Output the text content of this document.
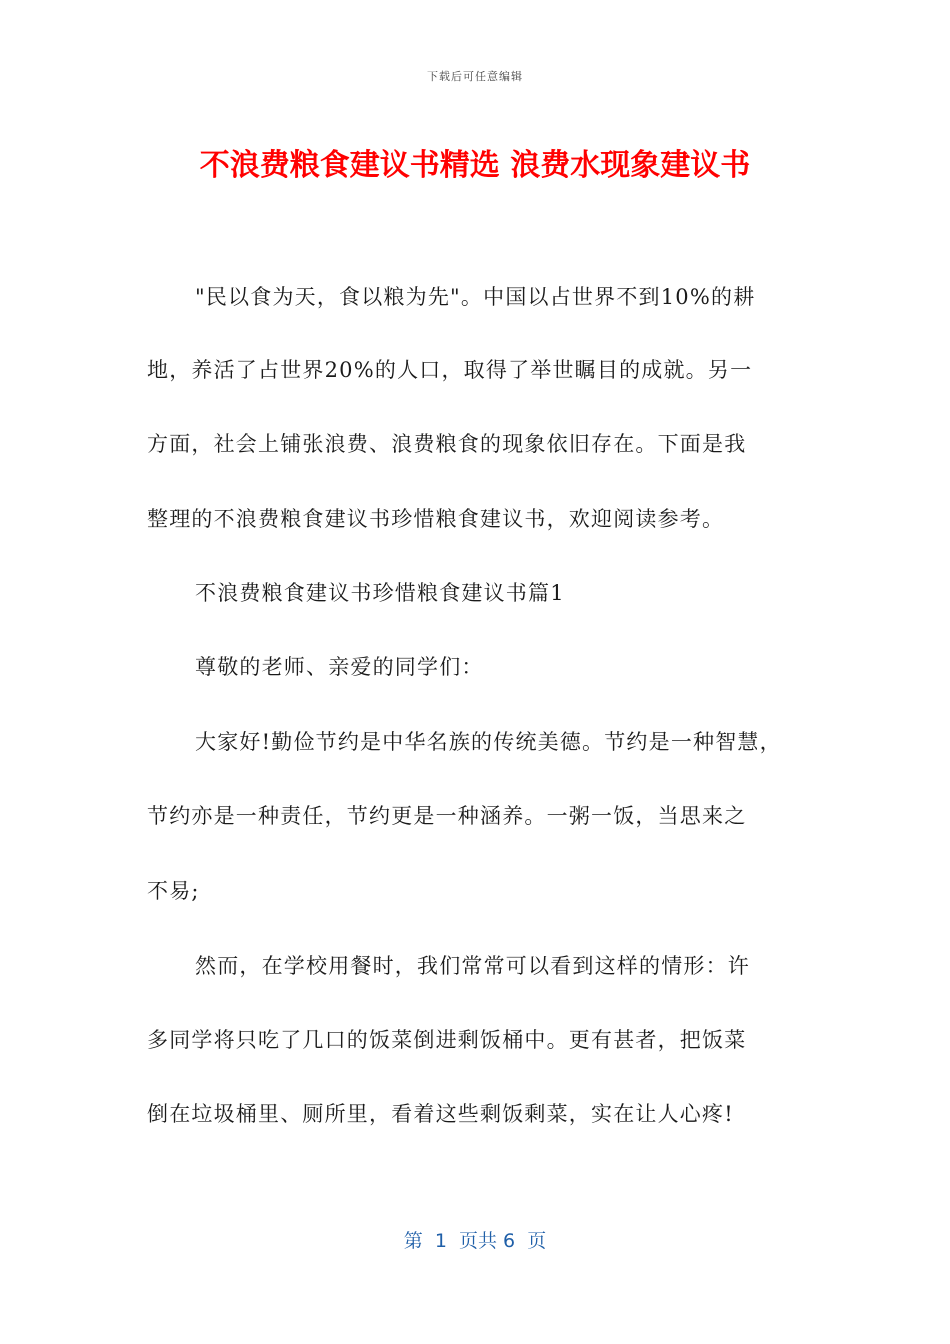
下载后可任意编辑
不浪费粮食建议书精选 浪费水现象建议书
"民以食为天，食以粮为先"。中国以占世界不到10%的耕
地，养活了占世界20%的人口，取得了举世瞩目的成就。另一
方面，社会上铺张浪费、浪费粮食的现象依旧存在。下面是我
整理的不浪费粮食建议书珍惜粮食建议书，欢迎阅读参考。
不浪费粮食建议书珍惜粮食建议书篇1
尊敬的老师、亲爱的同学们：
大家好!勤俭节约是中华名族的传统美德。节约是一种智慧，
节约亦是一种责任，节约更是一种涵养。一粥一饭，当思来之
不易;
然而，在学校用餐时，我们常常可以看到这样的情形：许
多同学将只吃了几口的饭菜倒进剩饭桶中。更有甚者，把饭菜
倒在垃圾桶里、厕所里，看着这些剩饭剩菜，实在让人心疼!
第  1  页共 6  页
